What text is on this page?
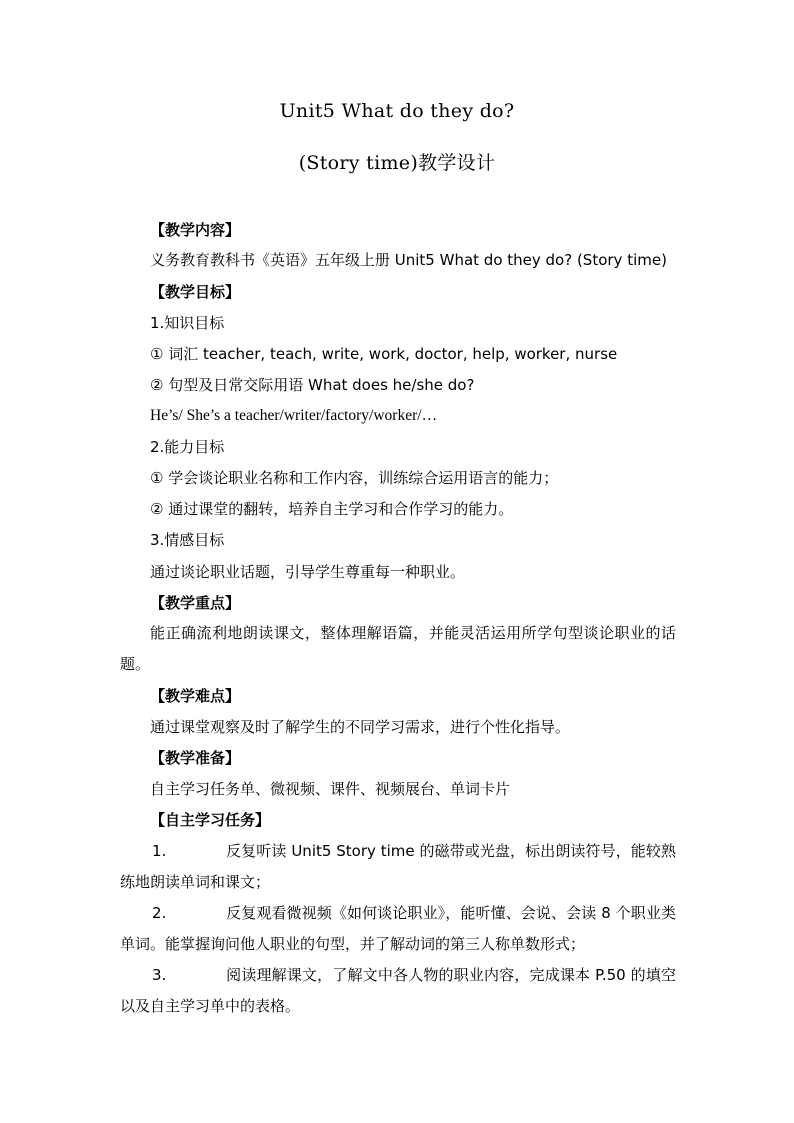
Unit5 What do they do?
(Story time)教学设计
【教学内容】
义务教育教科书《英语》五年级上册 Unit5 What do they do? (Story time)
【教学目标】
1.知识目标
① 词汇 teacher, teach, write, work, doctor, help, worker, nurse
② 句型及日常交际用语 What does he/she do?
He’s/ She’s a teacher/writer/factory/worker/…
2.能力目标
① 学会谈论职业名称和工作内容，训练综合运用语言的能力；
② 通过课堂的翻转，培养自主学习和合作学习的能力。
3.情感目标
通过谈论职业话题，引导学生尊重每一种职业。
【教学重点】
能正确流利地朗读课文，整体理解语篇，并能灵活运用所学句型谈论职业的话题。
【教学难点】
通过课堂观察及时了解学生的不同学习需求，进行个性化指导。
【教学准备】
自主学习任务单、微视频、课件、视频展台、单词卡片
【自主学习任务】
1.	反复听读 Unit5 Story time 的磁带或光盘，标出朗读符号，能较熟练地朗读单词和课文；
2.	反复观看微视频《如何谈论职业》，能听懂、会说、会读 8 个职业类单词。能掌握询问他人职业的句型，并了解动词的第三人称单数形式；
3.	阅读理解课文，了解文中各人物的职业内容，完成课本 P.50 的填空以及自主学习单中的表格。
